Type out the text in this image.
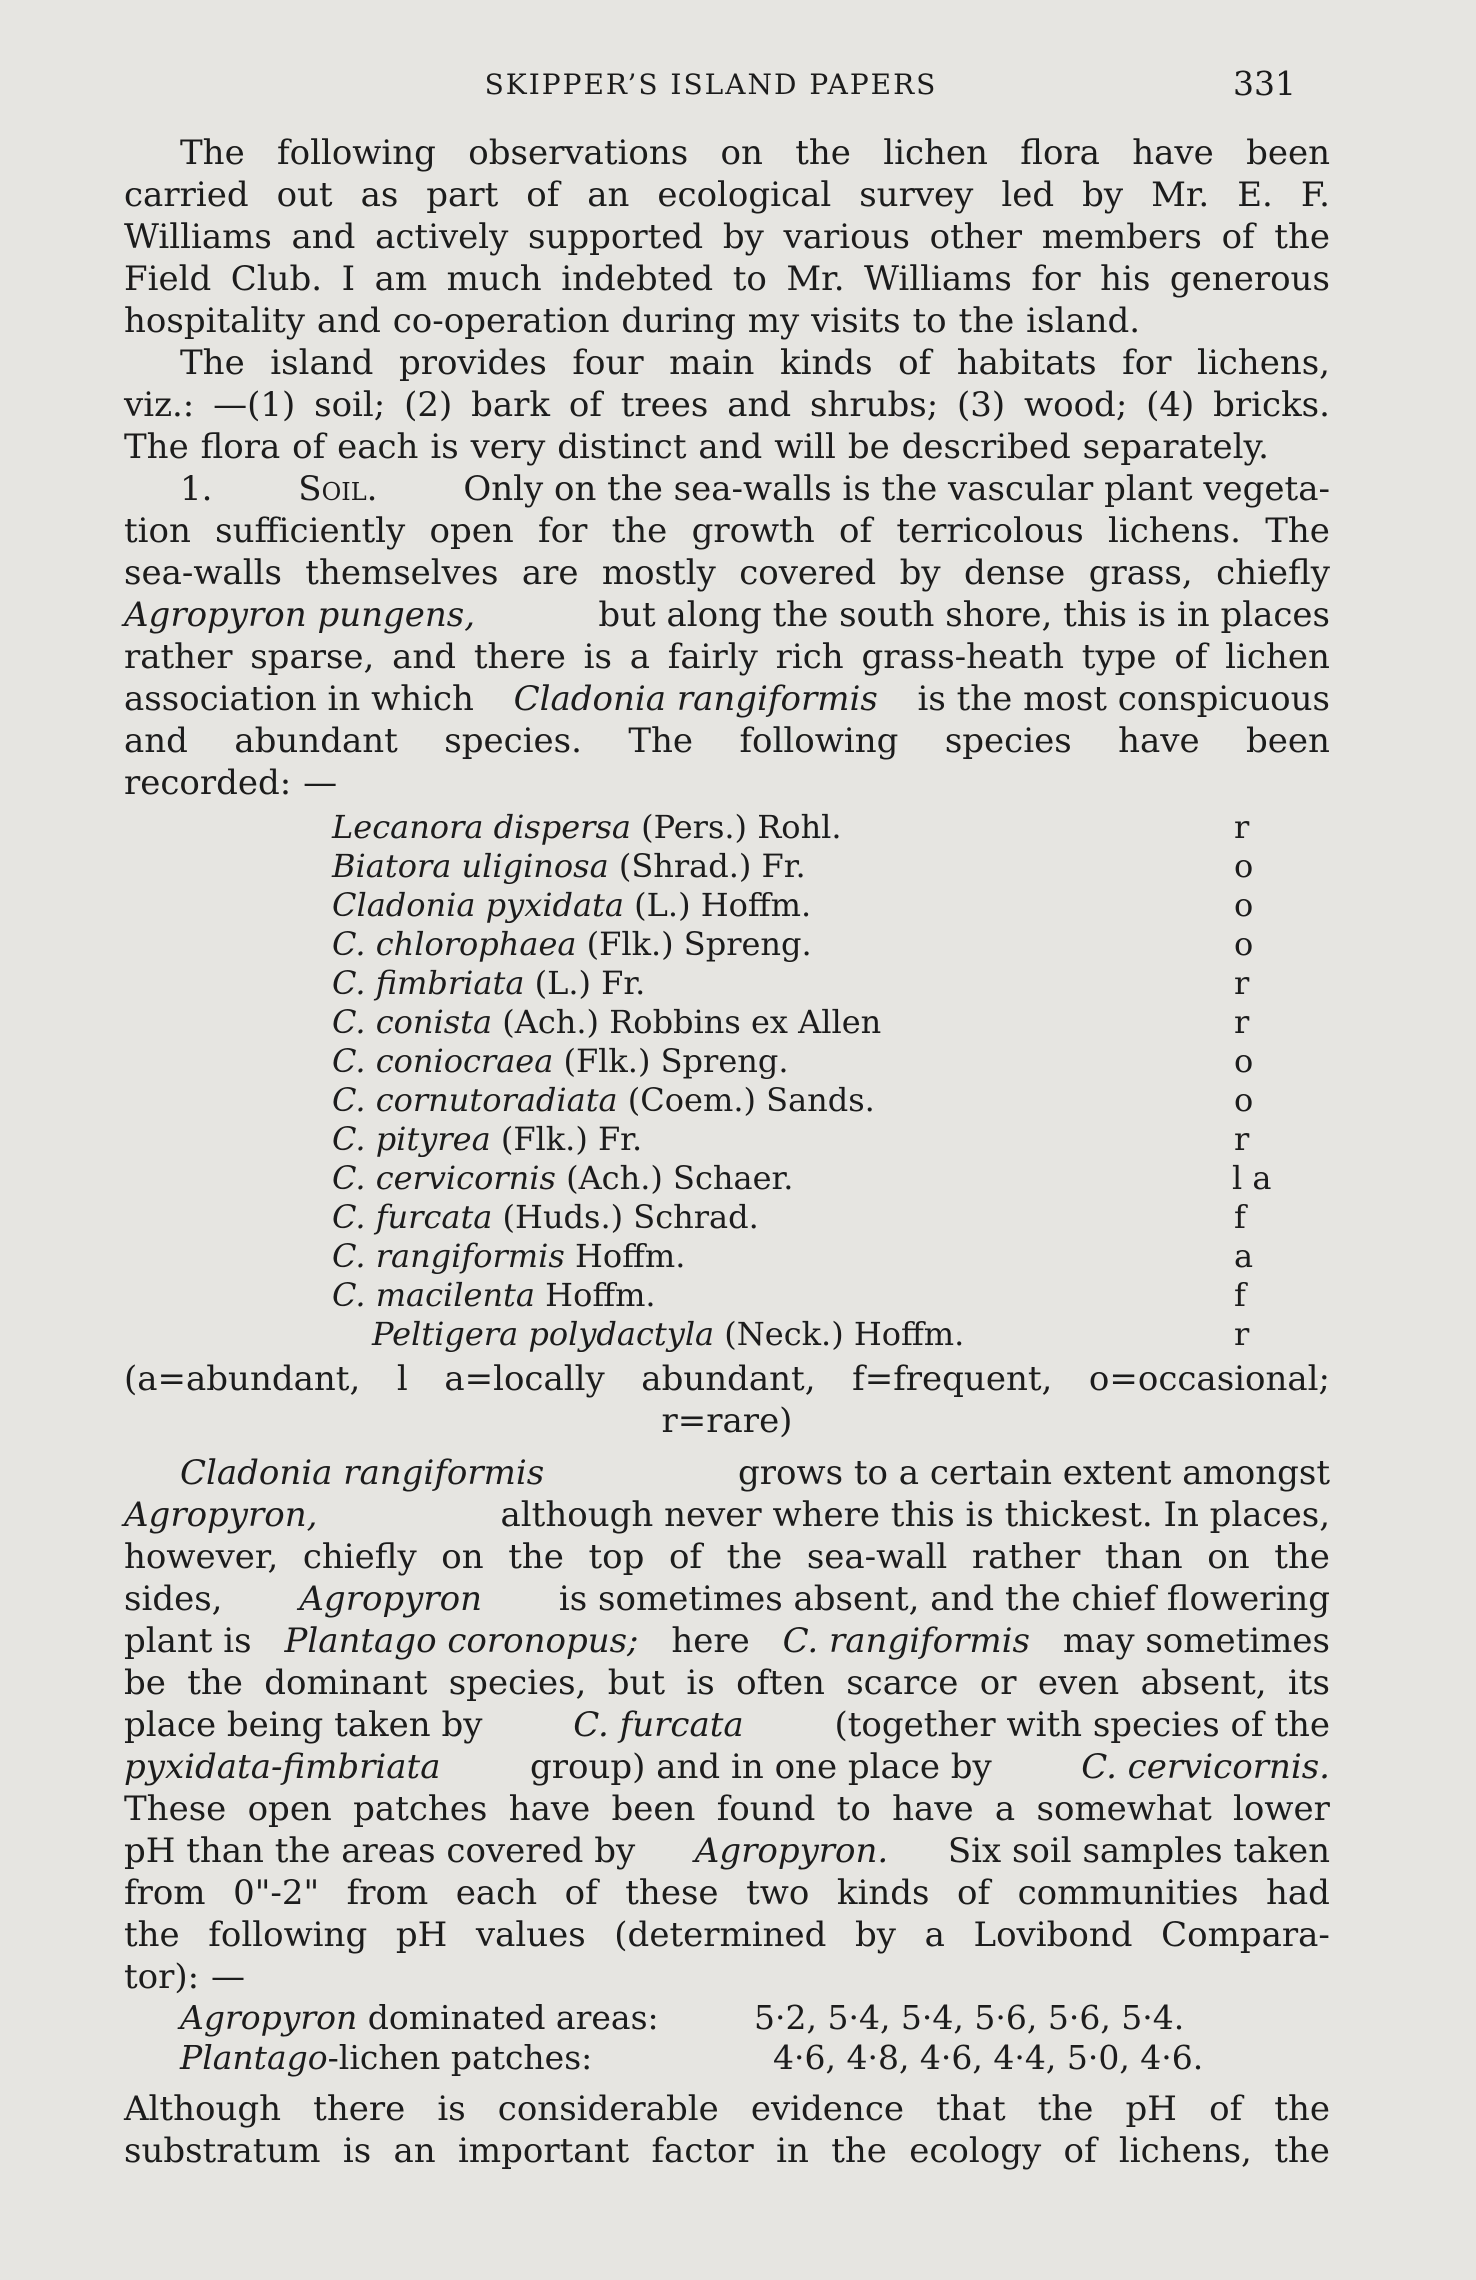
SKIPPER’S ISLAND PAPERS	331
The following observations on the lichen flora have been
carried out as part of an ecological survey led by Mr. E. F.
Williams and actively supported by various other members of the
Field Club. I am much indebted to Mr. Williams for his generous
hospitality and co-operation during my visits to the island.
The island provides four main kinds of habitats for lichens,
viz.: —(1) soil; (2) bark of trees and shrubs; (3) wood; (4) bricks.
The flora of each is very distinct and will be described separately.
1.	Soil.	Only on the sea-walls is the vascular plant vegeta-
tion sufficiently open for the growth of terricolous lichens. The
sea-walls themselves are mostly covered by dense grass, chiefly
Agropyron pungens,	but along the south shore, this is in places
rather sparse, and there is a fairly rich grass-heath type of lichen
association in which Cladonia rangiformis is the most conspicuous
and abundant species. The following species have been
recorded: —
Lecanora dispersa (Pers.) Rohl.	r
Biatora uliginosa (Shrad.) Fr.	o
Cladonia pyxidata (L.) Hoffm.	o
C. chlorophaea (Flk.) Spreng.	o
C. fimbriata (L.) Fr.	r
C. conista (Ach.) Robbins ex Allen	r
C. coniocraea (Flk.) Spreng.	o
C. cornutoradiata (Coem.) Sands.	o
C. pityrea (Flk.) Fr.	r
C. cervicornis (Ach.) Schaer.	l a
C. furcata (Huds.) Schrad.	f
C. rangiformis Hoffm.	a
C. macilenta Hoffm.	f
Peltigera polydactyla (Neck.) Hoffm.	r
(a=abundant, l a=locally abundant, f=frequent, o=occasional;
r=rare)
Cladonia rangiformis	grows to a certain extent amongst
Agropyron,	although never where this is thickest. In places,
however, chiefly on the top of the sea-wall rather than on the
sides, Agropyron is sometimes absent, and the chief flowering
plant is Plantago coronopus; here C. rangiformis may sometimes
be the dominant species, but is often scarce or even absent, its
place being taken by	C. furcata	(together with species of the
pyxidata-fimbriata	group) and in one place by	C. cervicornis.
These open patches have been found to have a somewhat lower
pH than the areas covered by Agropyron. Six soil samples taken
from 0"-2" from each of these two kinds of communities had
the following pH values (determined by a Lovibond Compara-
tor): —
Agropyron dominated areas:	5·2, 5·4, 5·4, 5·6, 5·6, 5·4.
Plantago-lichen patches:	4·6, 4·8, 4·6, 4·4, 5·0, 4·6.
Although there is considerable evidence that the pH of the
substratum is an important factor in the ecology of lichens, the
